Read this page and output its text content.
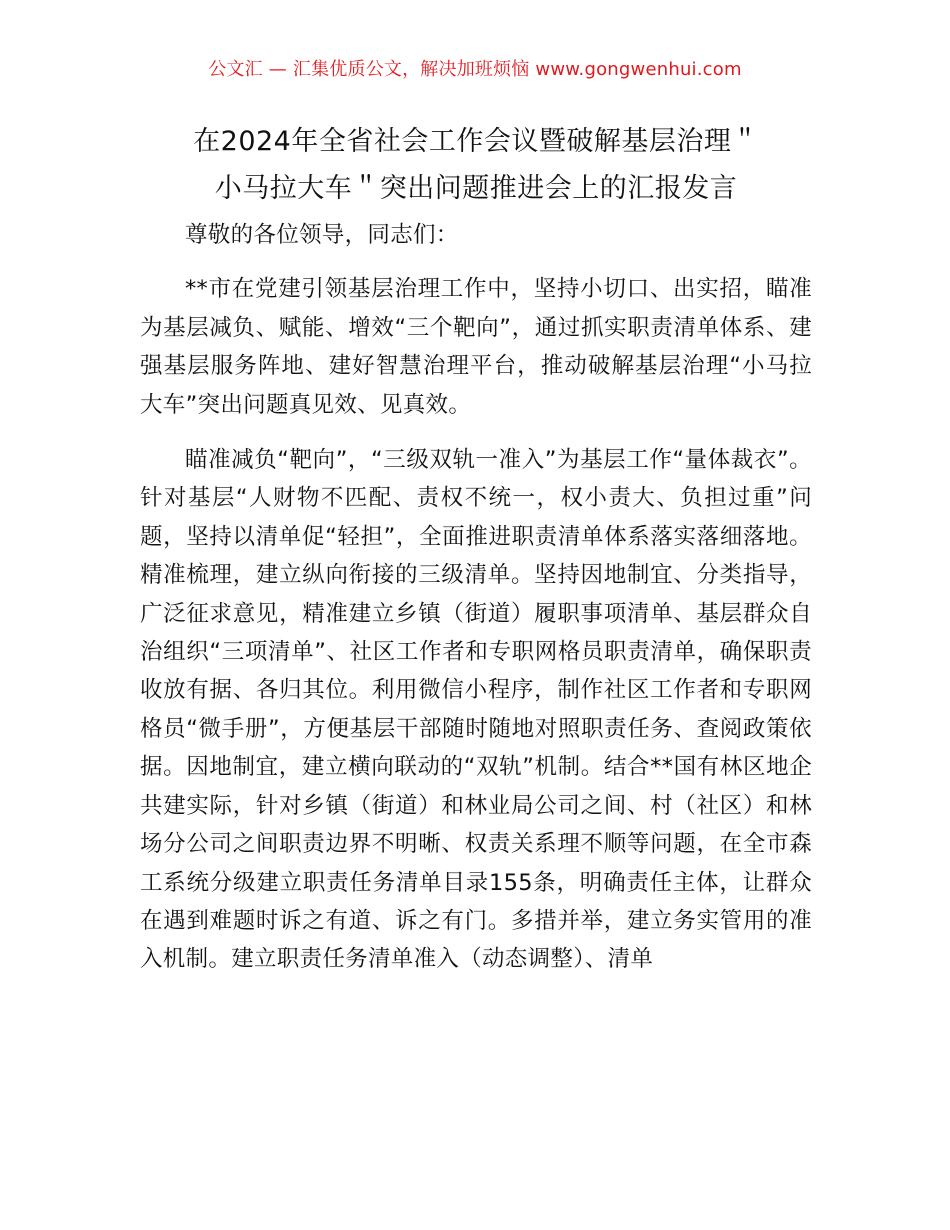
公文汇 — 汇集优质公文，解决加班烦恼 www.gongwenhui.com
在2024年全省社会工作会议暨破解基层治理＂
小马拉大车＂突出问题推进会上的汇报发言

尊敬的各位领导，同志们：

**市在党建引领基层治理工作中，坚持小切口、出实招，瞄准为基层减负、赋能、增效“三个靶向”，通过抓实职责清单体系、建强基层服务阵地、建好智慧治理平台，推动破解基层治理“小马拉大车”突出问题真见效、见真效。

瞄准减负“靶向”，“三级双轨一准入”为基层工作“量体裁衣”。针对基层“人财物不匹配、责权不统一，权小责大、负担过重”问题，坚持以清单促“轻担”，全面推进职责清单体系落实落细落地。精准梳理，建立纵向衔接的三级清单。坚持因地制宜、分类指导，广泛征求意见，精准建立乡镇（街道）履职事项清单、基层群众自治组织“三项清单”、社区工作者和专职网格员职责清单，确保职责收放有据、各归其位。利用微信小程序，制作社区工作者和专职网格员“微手册”，方便基层干部随时随地对照职责任务、查阅政策依据。因地制宜，建立横向联动的“双轨”机制。结合**国有林区地企共建实际，针对乡镇（街道）和林业局公司之间、村（社区）和林场分公司之间职责边界不明晰、权责关系理不顺等问题，在全市森工系统分级建立职责任务清单目录155条，明确责任主体，让群众在遇到难题时诉之有道、诉之有门。多措并举，建立务实管用的准入机制。建立职责任务清单准入（动态调整）、清单
